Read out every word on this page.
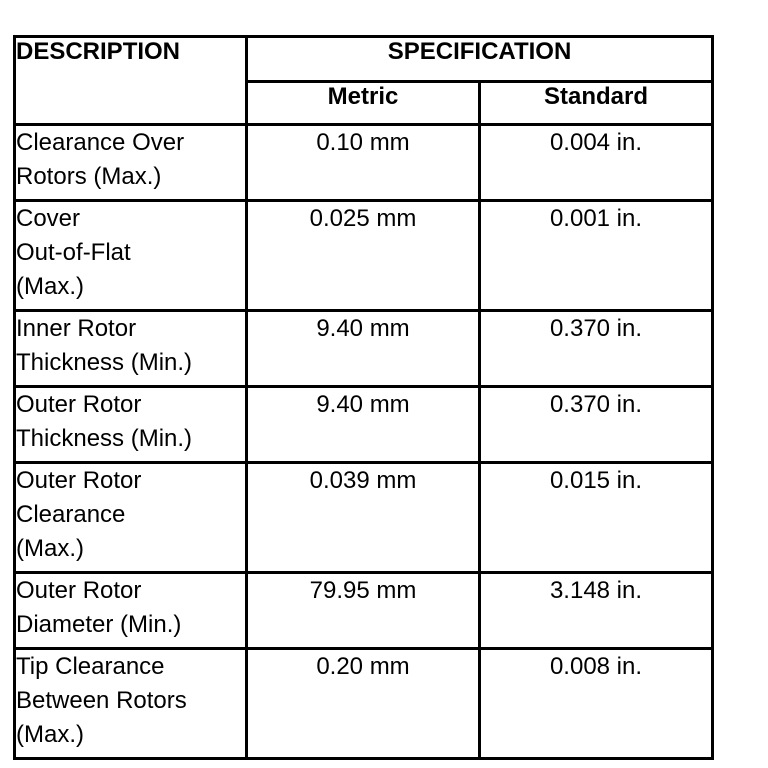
DESCRIPTION	SPECIFICATION	
	Metric	Standard
Clearance Over
Rotors (Max.)	0.10 mm	0.004 in.
Cover
Out-of-Flat
(Max.)	0.025 mm	0.001 in.
Inner Rotor
Thickness (Min.)	9.40 mm	0.370 in.
Outer Rotor
Thickness (Min.)	9.40 mm	0.370 in.
Outer Rotor
Clearance
(Max.)	0.039 mm	0.015 in.
Outer Rotor
Diameter (Min.)	79.95 mm	3.148 in.
Tip Clearance
Between Rotors
(Max.)	0.20 mm	0.008 in.
